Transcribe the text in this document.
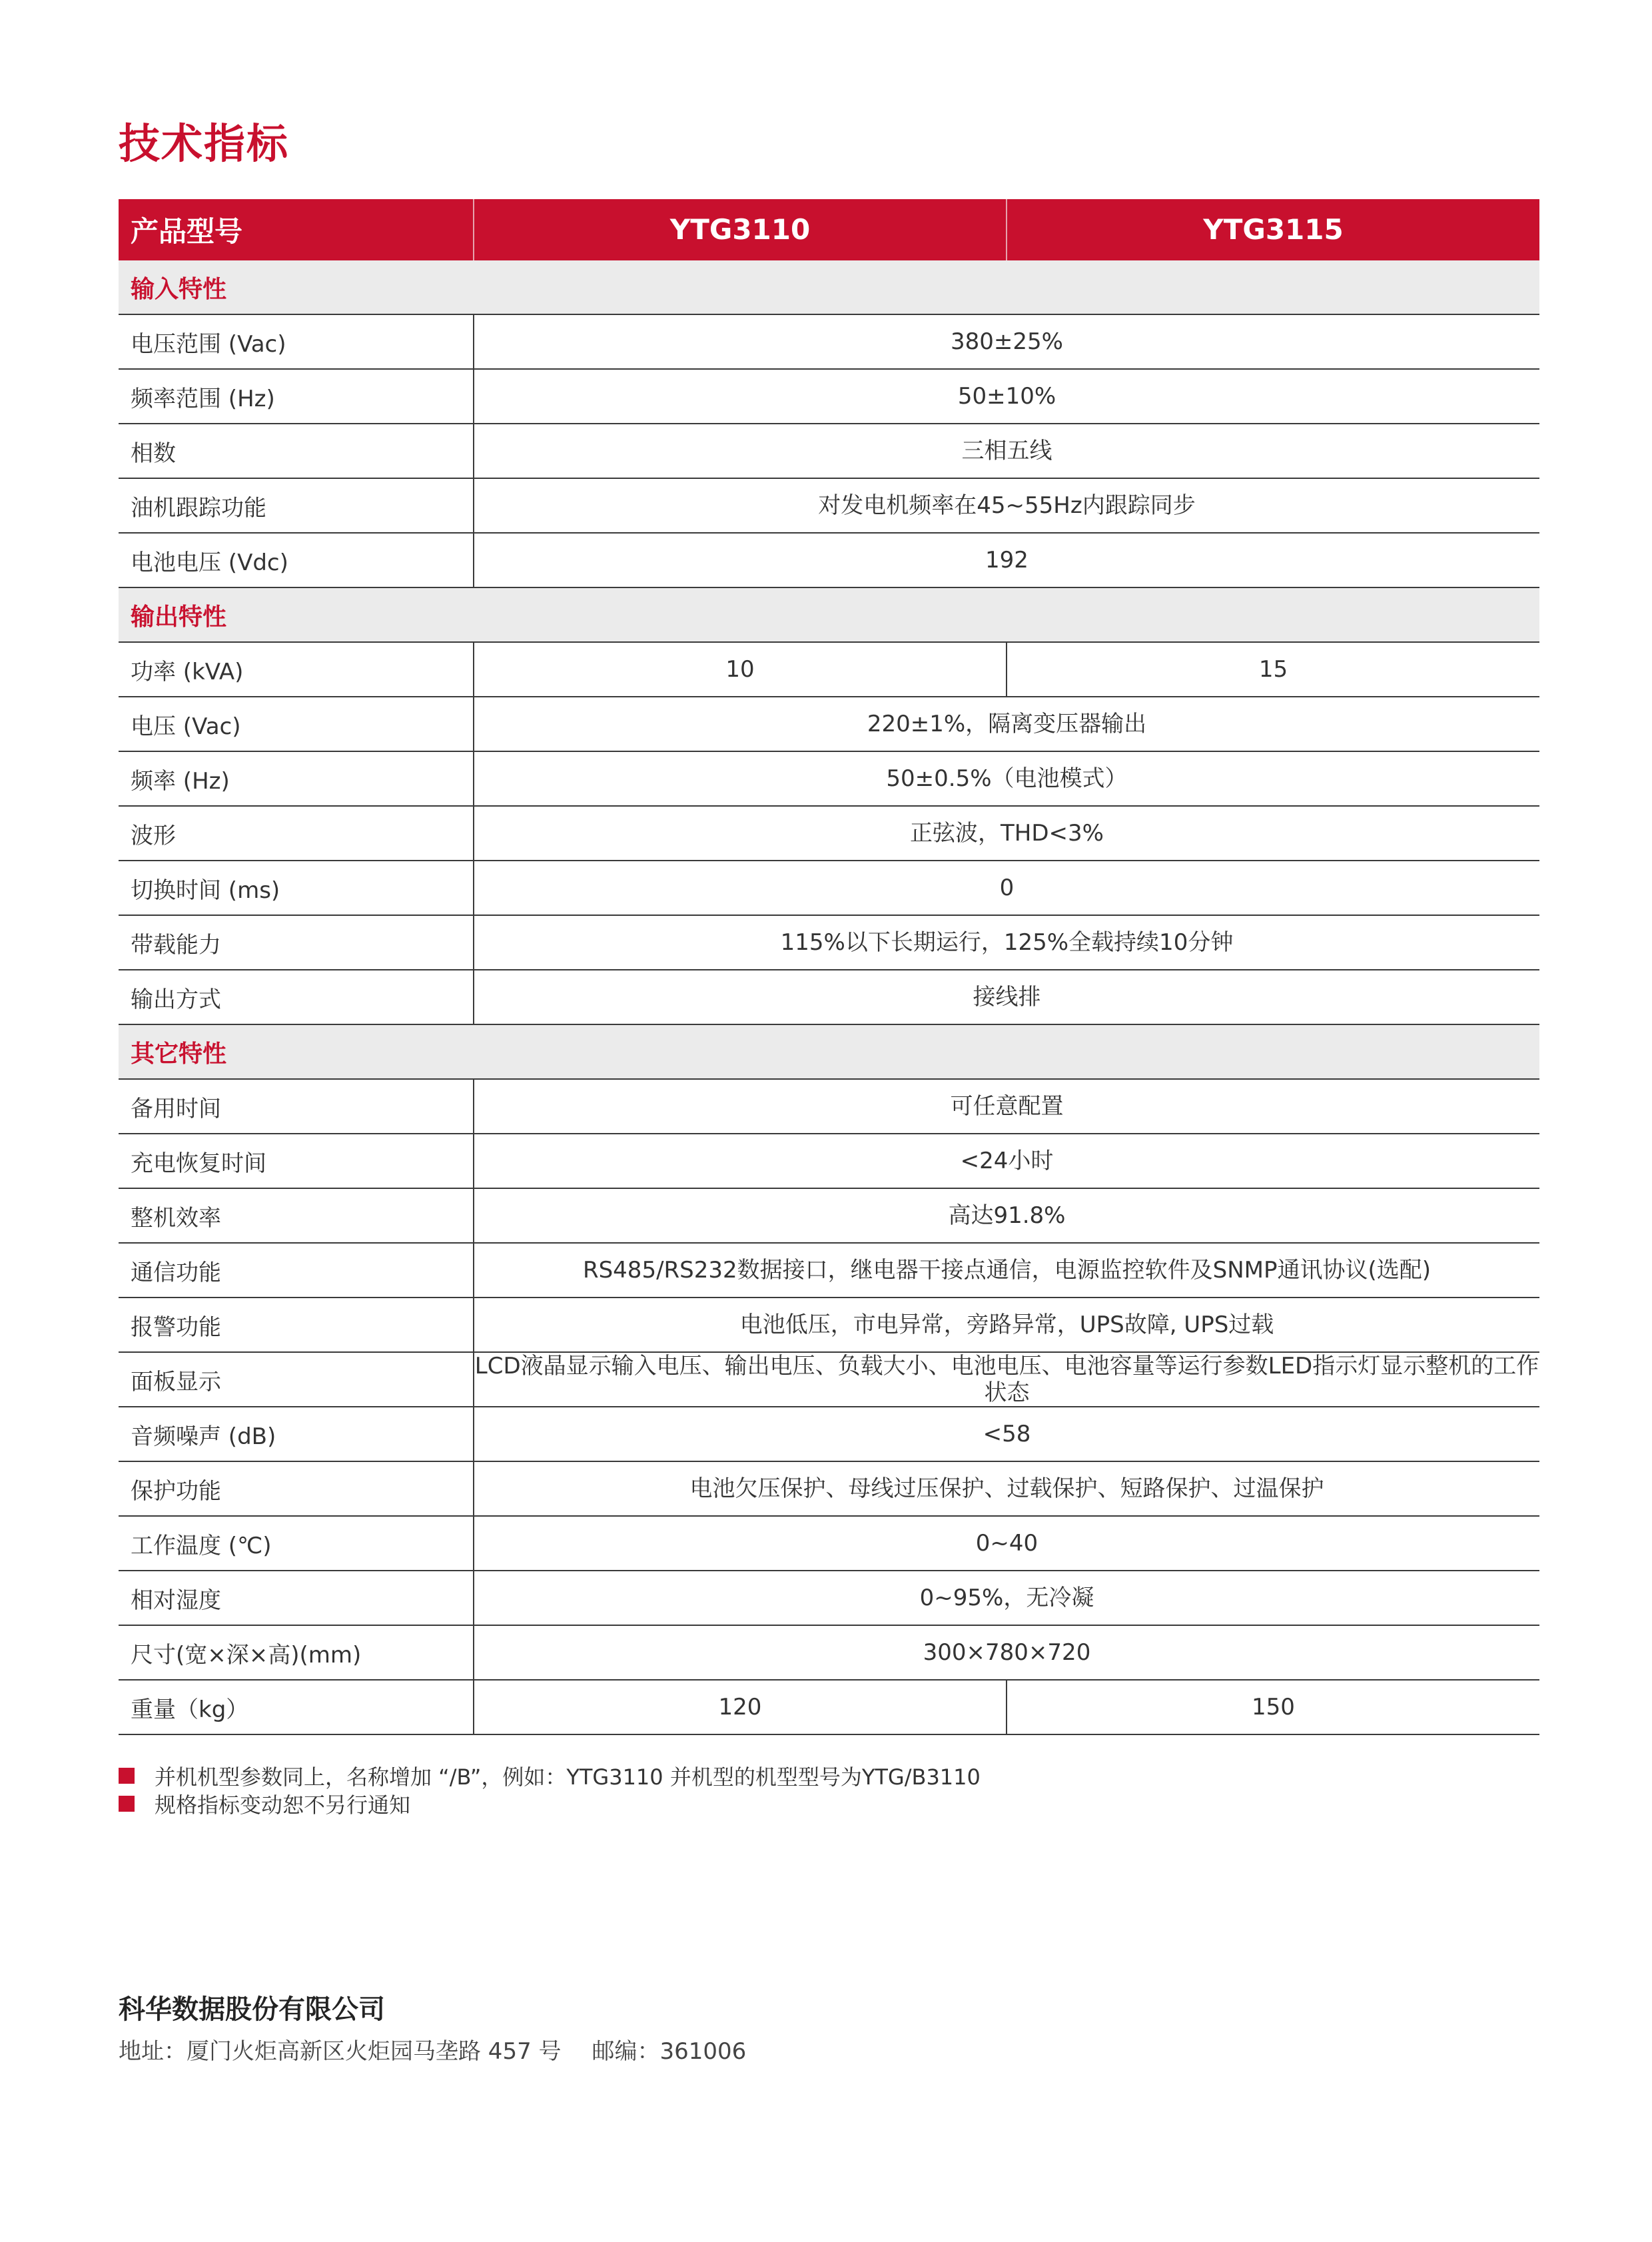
技术指标
产品型号	YTG3110	YTG3115
输入特性		
电压范围 (Vac)	380±25%	
频率范围 (Hz)	50±10%	
相数	三相五线	
油机跟踪功能	对发电机频率在45~55Hz内跟踪同步	
电池电压 (Vdc)	192	
输出特性		
功率 (kVA)	10	15
电压 (Vac)	220±1%，隔离变压器输出	
频率 (Hz)	50±0.5%（电池模式）	
波形	正弦波，THD<3%	
切换时间 (ms)	0	
带载能力	115%以下长期运行，125%全载持续10分钟	
输出方式	接线排	
其它特性		
备用时间	可任意配置	
充电恢复时间	<24小时	
整机效率	高达91.8%	
通信功能	RS485/RS232数据接口，继电器干接点通信，电源监控软件及SNMP通讯协议(选配)	
报警功能	电池低压，市电异常，旁路异常，UPS故障, UPS过载	
面板显示	LCD液晶显示输入电压、输出电压、负载大小、电池电压、电池容量等运行参数LED指示灯显示整机的工作状态	
音频噪声 (dB)	<58	
保护功能	电池欠压保护、母线过压保护、过载保护、短路保护、过温保护	
工作温度 (℃)	0~40	
相对湿度	0~95%，无冷凝	
尺寸(宽×深×高)(mm)	300×780×720	
重量（kg）	120	150
并机机型参数同上，名称增加 “/B”，例如：YTG3110 并机型的机型型号为YTG/B3110
规格指标变动恕不另行通知
科华数据股份有限公司
地址：厦门火炬高新区火炬园马垄路 457 号 邮编：361006
